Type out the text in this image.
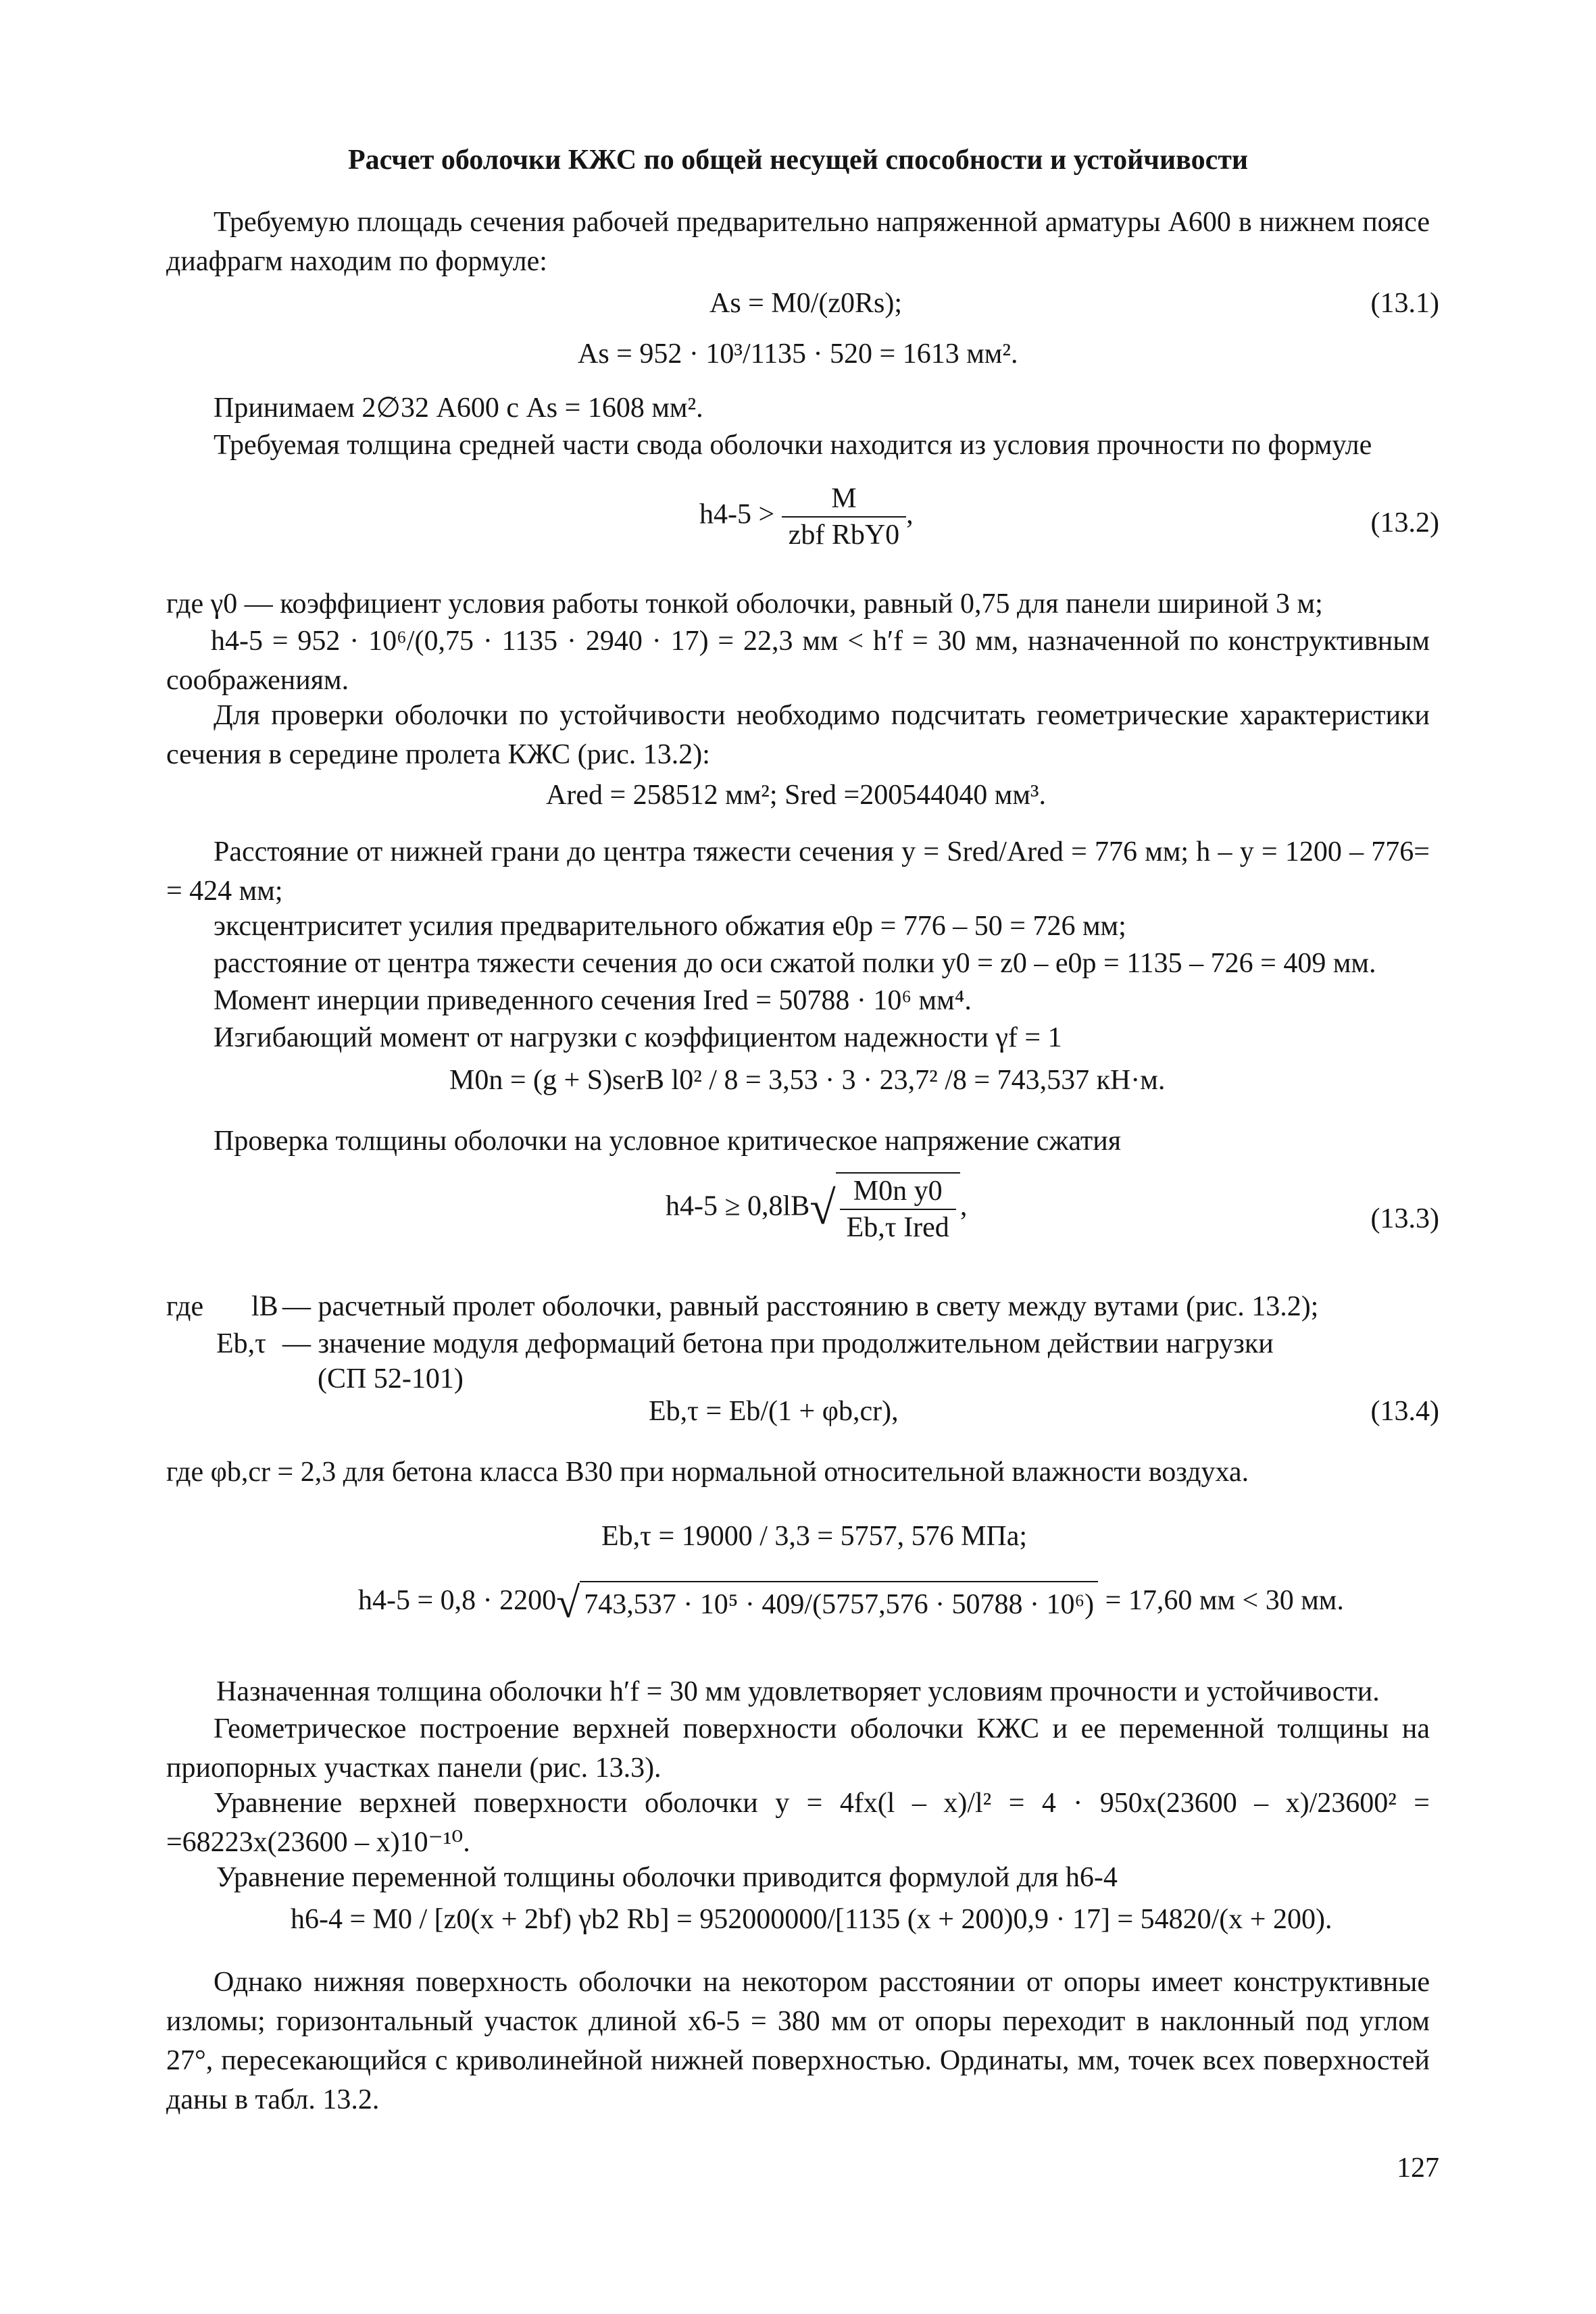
Расчет оболочки КЖС по общей несущей способности и устойчивости
Требуемую площадь сечения рабочей предварительно напряженной арматуры А600 в нижнем поясе диафрагм находим по формуле:
As = M0/(z0Rs);	(13.1)
As = 952 · 10³/1135 · 520 = 1613 мм².
Принимаем 2∅32 А600 с As = 1608 мм².
Требуемая толщина средней части свода оболочки находится из условия прочности по формуле
$h4-5 > \frac{M}{\text{zbf RbΥ0}}$ ,	(13.2)
где γ0 — коэффициент условия работы тонкой оболочки, равный 0,75 для панели шириной 3 м;
h4-5 = 952 · 10⁶/(0,75 · 1135 · 2940 · 17) = 22,3 мм < h′f = 30 мм, назначенной по конструктивным соображениям.
Для проверки оболочки по устойчивости необходимо подсчитать геометрические характеристики сечения в середине пролета КЖС (рис. 13.2):
Ared = 258512 мм²; Sred =200544040 мм³.
Расстояние от нижней грани до центра тяжести сечения y = Sred/Ared = 776 мм; h – y = 1200 – 776= = 424 мм;
эксцентриситет усилия предварительного обжатия e0p = 776 – 50 = 726 мм;
расстояние от центра тяжести сечения до оси сжатой полки y0 = z0 – e0p = 1135 – 726 = 409 мм.
Момент инерции приведенного сечения Ired = 50788 · 10⁶ мм⁴.
Изгибающий момент от нагрузки с коэффициентом надежности γf = 1
M0n = (g + S)serB l0² / 8 = 3,53 · 3 · 23,7² /8 = 743,537 кН·м.
Проверка толщины оболочки на условное критическое напряжение сжатия
$h4-5 \ge 0,8lB√ \frac{\text{M0n y0}}{\text{Eb,τ Ired}}$ ,	(13.3)
где lB — расчетный пролет оболочки, равный расстоянию в свету между вутами (рис. 13.2);
Eb,τ — значение модуля деформаций бетона при продолжительном действии нагрузки
(СП 52-101)
Eb,τ = Eb/(1 + φb,cr),	(13.4)
где φb,cr = 2,3 для бетона класса В30 при нормальной относительной влажности воздуха.
Eb,τ = 19000 / 3,3 = 5757, 576 МПа;
h4-5 = 0,8 · 2200√ 743,537 · 10⁵ · 409/(5757,576 · 50788 · 10⁶) = 17,60 мм < 30 мм.
Назначенная толщина оболочки h′f = 30 мм удовлетворяет условиям прочности и устойчивости.
Геометрическое построение верхней поверхности оболочки КЖС и ее переменной толщины на приопорных участках панели (рис. 13.3).
Уравнение верхней поверхности оболочки y = 4fx(l – x)/l² = 4 · 950x(23600 – x)/23600² = =68223x(23600 – x)10⁻¹⁰.
Уравнение переменной толщины оболочки приводится формулой для h6-4
h6-4 = M0 / [z0(x + 2bf) γb2 Rb] = 952000000/[1135 (x + 200)0,9 · 17] = 54820/(x + 200).
Однако нижняя поверхность оболочки на некотором расстоянии от опоры имеет конструктивные изломы; горизонтальный участок длиной x6-5 = 380 мм от опоры переходит в наклонный под углом 27°, пересекающийся с криволинейной нижней поверхностью. Ординаты, мм, точек всех поверхностей даны в табл. 13.2.
127
